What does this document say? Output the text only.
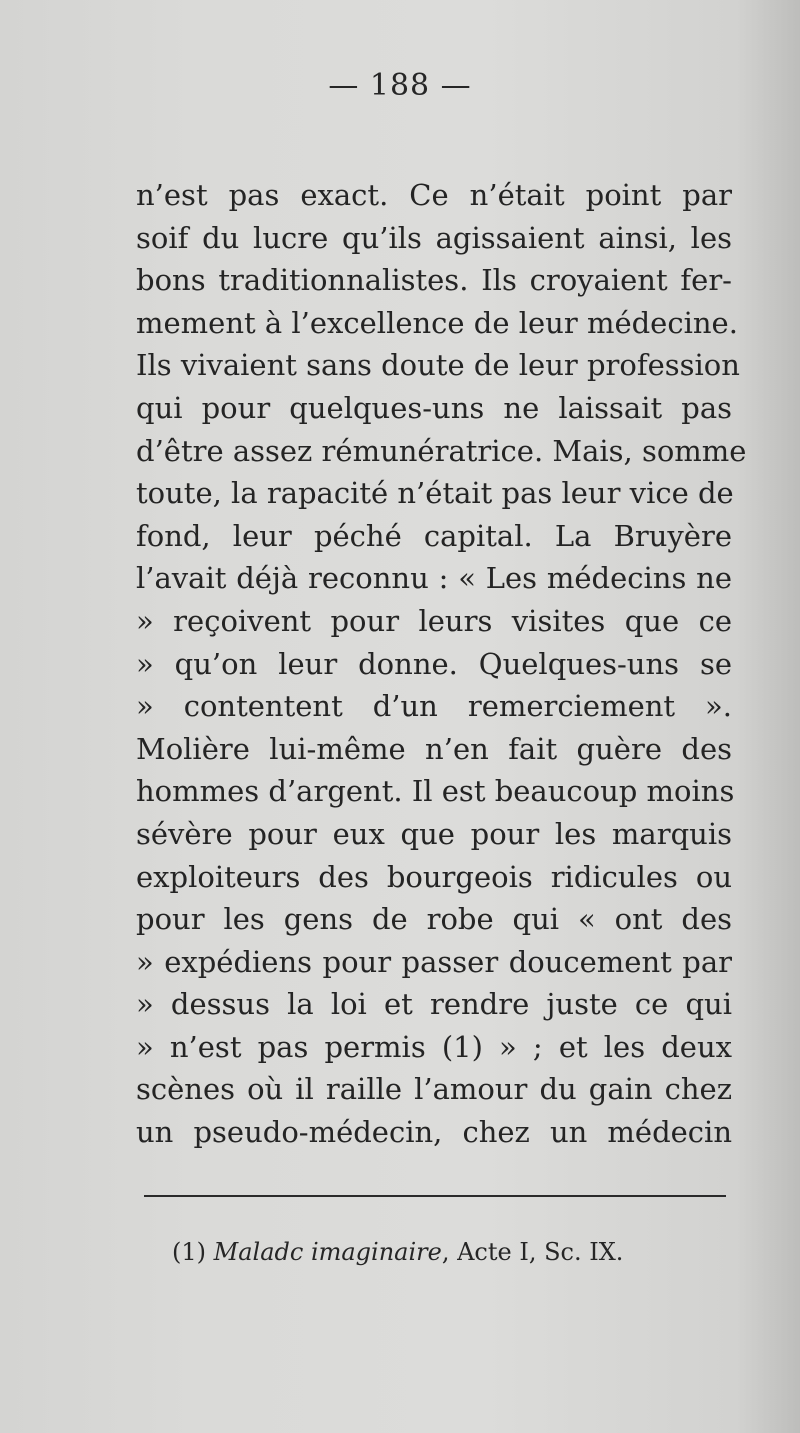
— 188 —
n’est pas exact. Ce n’était point par
soif du lucre qu’ils agissaient ainsi, les
bons traditionnalistes. Ils croyaient fer-
mement à l’excellence de leur médecine.
Ils vivaient sans doute de leur profession
qui pour quelques-uns ne laissait pas
d’être assez rémunératrice. Mais, somme
toute, la rapacité n’était pas leur vice de
fond, leur péché capital. La Bruyère
l’avait déjà reconnu : « Les médecins ne
» reçoivent pour leurs visites que ce
» qu’on leur donne. Quelques-uns se
» contentent d’un remerciement ».
Molière lui-même n’en fait guère des
hommes d’argent. Il est beaucoup moins
sévère pour eux que pour les marquis
exploiteurs des bourgeois ridicules ou
pour les gens de robe qui « ont des
» expédiens pour passer doucement par
» dessus la loi et rendre juste ce qui
» n’est pas permis (1) » ; et les deux
scènes où il raille l’amour du gain chez
un pseudo-médecin, chez un médecin
(1) Maladc imaginaire, Acte I, Sc. IX.
